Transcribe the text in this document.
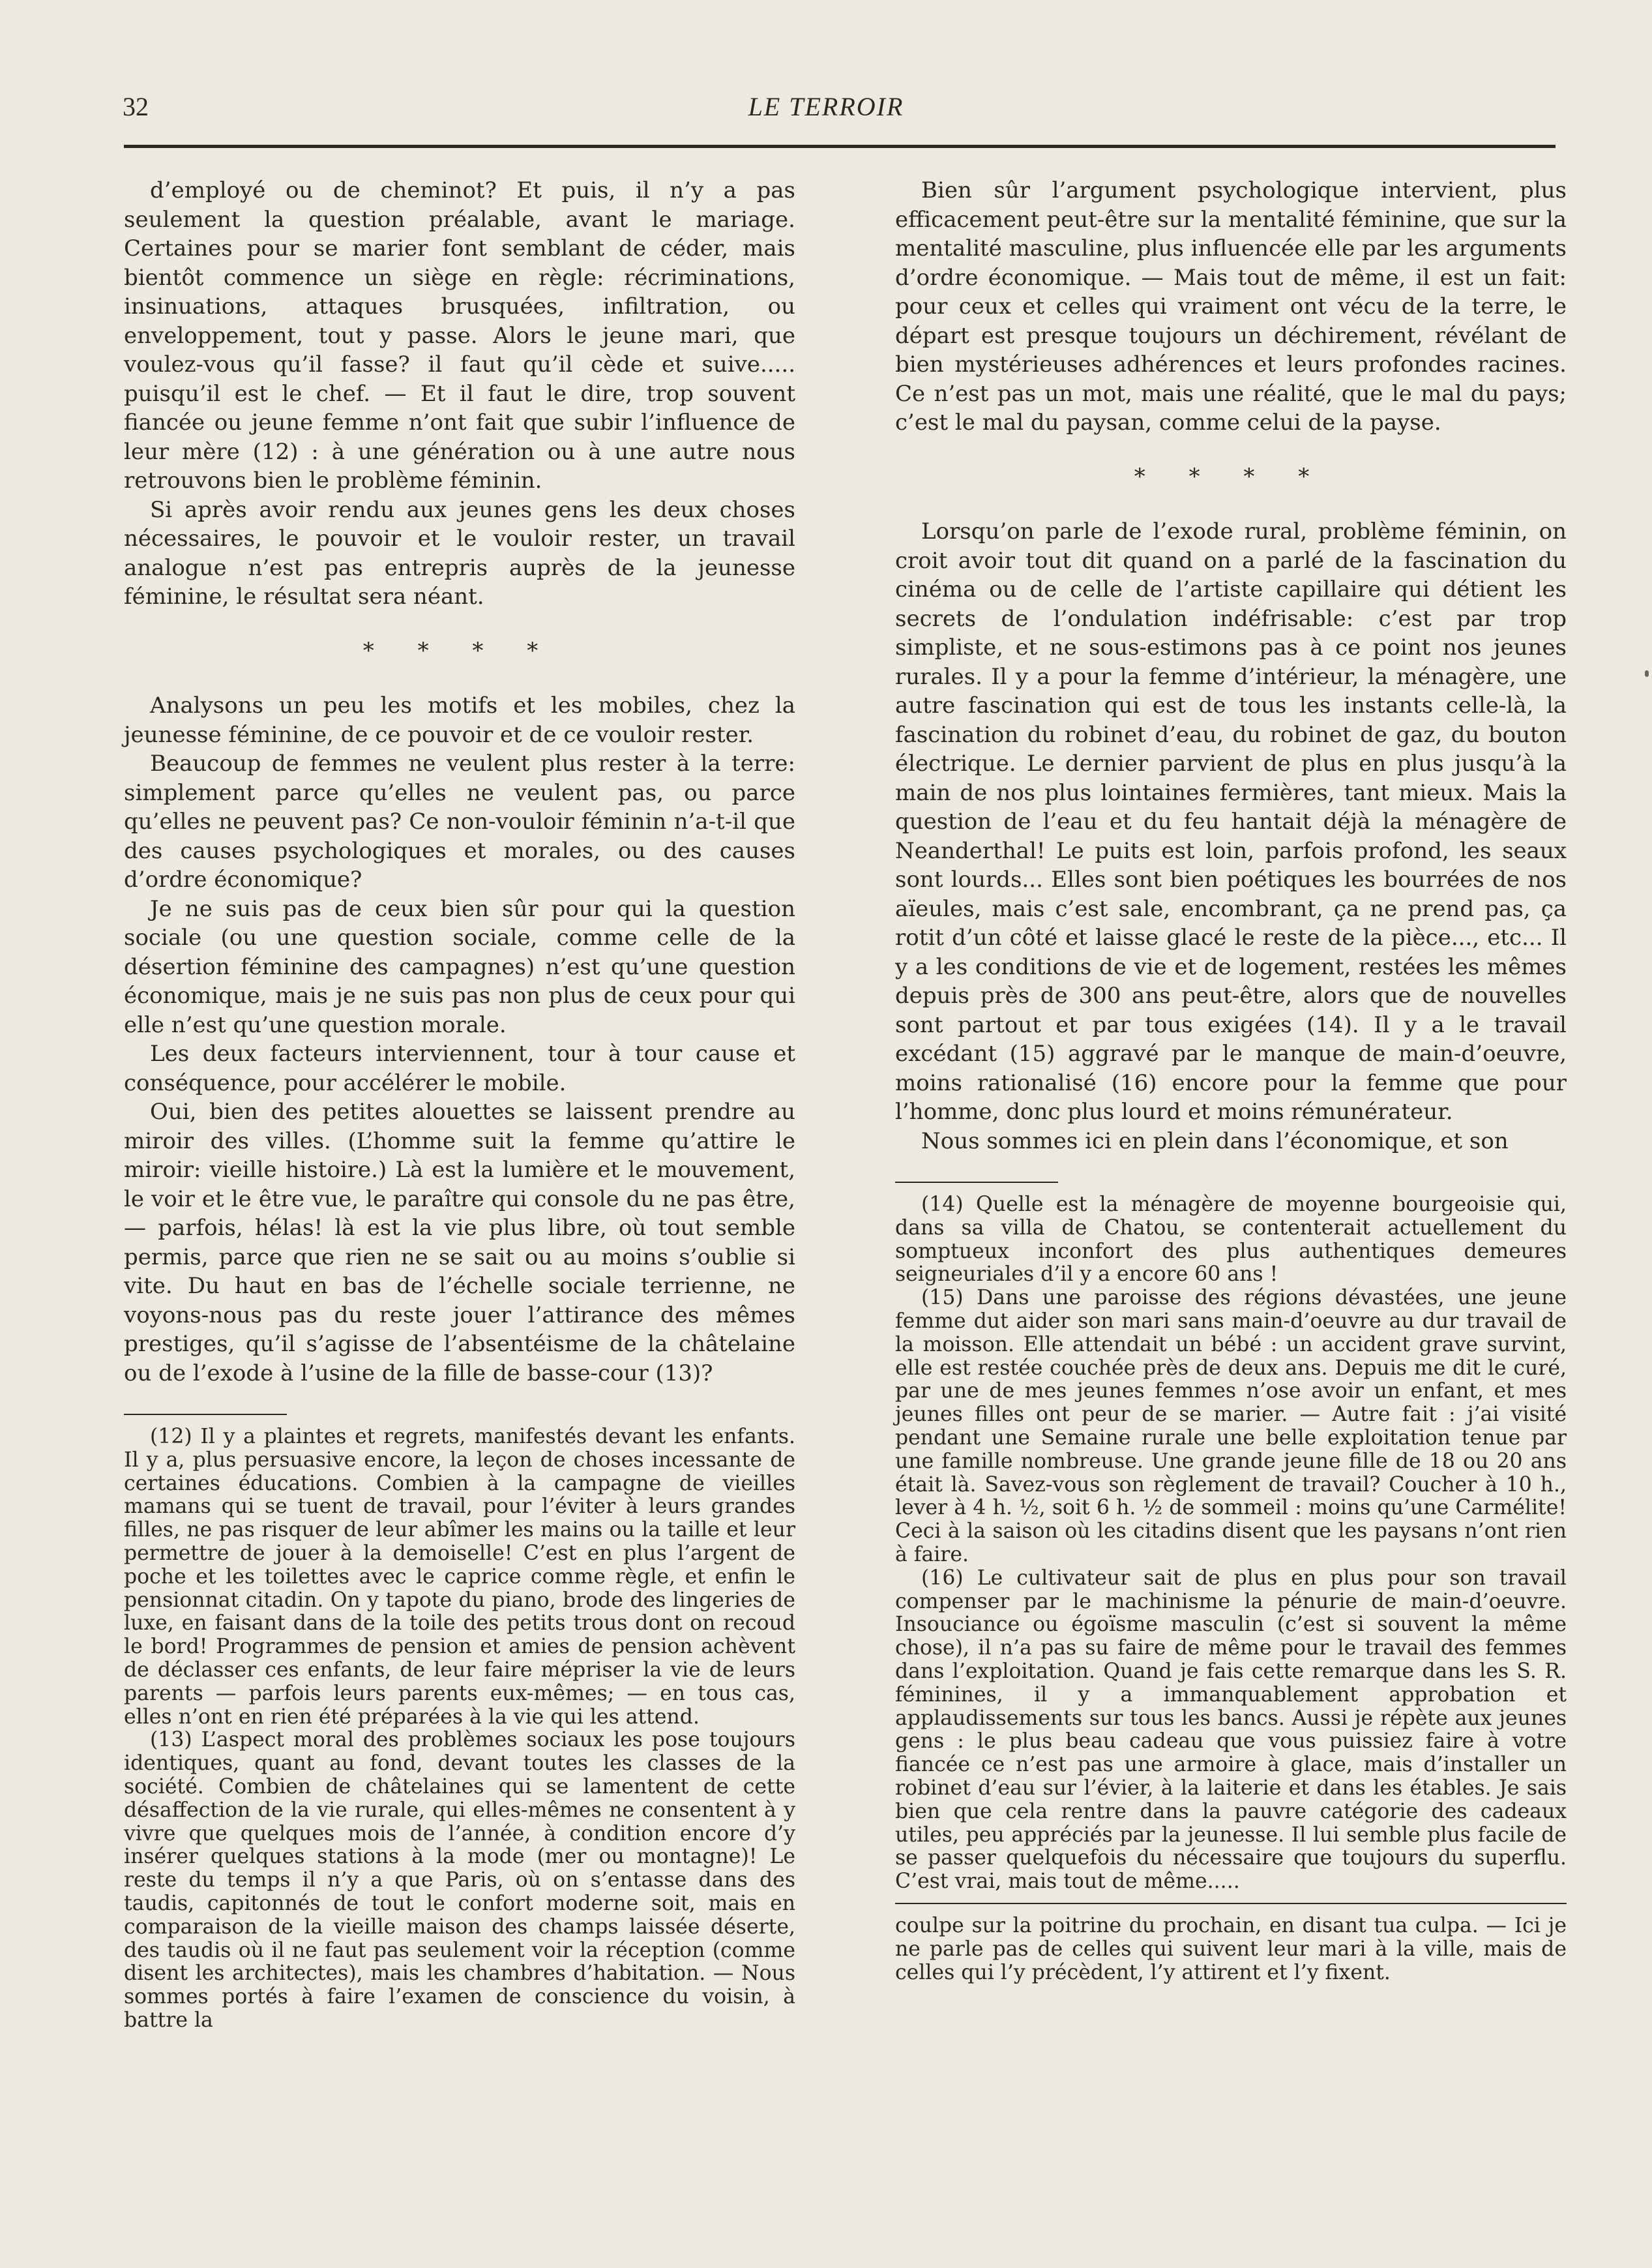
32	LE TERROIR

d’employé ou de cheminot? Et puis, il n’y a pas seulement la question préalable, avant le mariage. Certaines pour se marier font semblant de céder, mais bientôt commence un siège en règle: récriminations, insinuations, attaques brusquées, infiltration, ou enveloppement, tout y passe. Alors le jeune mari, que voulez-vous qu’il fasse? il faut qu’il cède et suive..... puisqu’il est le chef. — Et il faut le dire, trop souvent fiancée ou jeune femme n’ont fait que subir l’influence de leur mère (12) : à une génération ou à une autre nous retrouvons bien le problème féminin.

Si après avoir rendu aux jeunes gens les deux choses nécessaires, le pouvoir et le vouloir rester, un travail analogue n’est pas entrepris auprès de la jeunesse féminine, le résultat sera néant.

* * * *

Analysons un peu les motifs et les mobiles, chez la jeunesse féminine, de ce pouvoir et de ce vouloir rester.

Beaucoup de femmes ne veulent plus rester à la terre: simplement parce qu’elles ne veulent pas, ou parce qu’elles ne peuvent pas? Ce non-vouloir féminin n’a-t-il que des causes psychologiques et morales, ou des causes d’ordre économique?

Je ne suis pas de ceux bien sûr pour qui la question sociale (ou une question sociale, comme celle de la désertion féminine des campagnes) n’est qu’une question économique, mais je ne suis pas non plus de ceux pour qui elle n’est qu’une question morale.

Les deux facteurs interviennent, tour à tour cause et conséquence, pour accélérer le mobile.

Oui, bien des petites alouettes se laissent prendre au miroir des villes. (L’homme suit la femme qu’attire le miroir: vieille histoire.) Là est la lumière et le mouvement, le voir et le être vue, le paraître qui console du ne pas être, — parfois, hélas! là est la vie plus libre, où tout semble permis, parce que rien ne se sait ou au moins s’oublie si vite. Du haut en bas de l’échelle sociale terrienne, ne voyons-nous pas du reste jouer l’attirance des mêmes prestiges, qu’il s’agisse de l’absentéisme de la châtelaine ou de l’exode à l’usine de la fille de basse-cour (13)?

(12) Il y a plaintes et regrets, manifestés devant les enfants. Il y a, plus persuasive encore, la leçon de choses incessante de certaines éducations. Combien à la campagne de vieilles mamans qui se tuent de travail, pour l’éviter à leurs grandes filles, ne pas risquer de leur abîmer les mains ou la taille et leur permettre de jouer à la demoiselle! C’est en plus l’argent de poche et les toilettes avec le caprice comme règle, et enfin le pensionnat citadin. On y tapote du piano, brode des lingeries de luxe, en faisant dans de la toile des petits trous dont on recoud le bord! Programmes de pension et amies de pension achèvent de déclasser ces enfants, de leur faire mépriser la vie de leurs parents — parfois leurs parents eux-mêmes; — en tous cas, elles n’ont en rien été préparées à la vie qui les attend.

(13) L’aspect moral des problèmes sociaux les pose toujours identiques, quant au fond, devant toutes les classes de la société. Combien de châtelaines qui se lamentent de cette désaffection de la vie rurale, qui elles-mêmes ne consentent à y vivre que quelques mois de l’année, à condition encore d’y insérer quelques stations à la mode (mer ou montagne)! Le reste du temps il n’y a que Paris, où on s’entasse dans des taudis, capitonnés de tout le confort moderne soit, mais en comparaison de la vieille maison des champs laissée déserte, des taudis où il ne faut pas seulement voir la réception (comme disent les architectes), mais les chambres d’habitation. — Nous sommes portés à faire l’examen de conscience du voisin, à battre la

Bien sûr l’argument psychologique intervient, plus efficacement peut-être sur la mentalité féminine, que sur la mentalité masculine, plus influencée elle par les arguments d’ordre économique. — Mais tout de même, il est un fait: pour ceux et celles qui vraiment ont vécu de la terre, le départ est presque toujours un déchirement, révélant de bien mystérieuses adhérences et leurs profondes racines. Ce n’est pas un mot, mais une réalité, que le mal du pays; c’est le mal du paysan, comme celui de la payse.

* * * *

Lorsqu’on parle de l’exode rural, problème féminin, on croit avoir tout dit quand on a parlé de la fascination du cinéma ou de celle de l’artiste capillaire qui détient les secrets de l’ondulation indéfrisable: c’est par trop simpliste, et ne sous-estimons pas à ce point nos jeunes rurales. Il y a pour la femme d’intérieur, la ménagère, une autre fascination qui est de tous les instants celle-là, la fascination du robinet d’eau, du robinet de gaz, du bouton électrique. Le dernier parvient de plus en plus jusqu’à la main de nos plus lointaines fermières, tant mieux. Mais la question de l’eau et du feu hantait déjà la ménagère de Neanderthal! Le puits est loin, parfois profond, les seaux sont lourds... Elles sont bien poétiques les bourrées de nos aïeules, mais c’est sale, encombrant, ça ne prend pas, ça rotit d’un côté et laisse glacé le reste de la pièce..., etc... Il y a les conditions de vie et de logement, restées les mêmes depuis près de 300 ans peut-être, alors que de nouvelles sont partout et par tous exigées (14). Il y a le travail excédant (15) aggravé par le manque de main-d’oeuvre, moins rationalisé (16) encore pour la femme que pour l’homme, donc plus lourd et moins rémunérateur.

Nous sommes ici en plein dans l’économique, et son

(14) Quelle est la ménagère de moyenne bourgeoisie qui, dans sa villa de Chatou, se contenterait actuellement du somptueux inconfort des plus authentiques demeures seigneuriales d’il y a encore 60 ans !

(15) Dans une paroisse des régions dévastées, une jeune femme dut aider son mari sans main-d’oeuvre au dur travail de la moisson. Elle attendait un bébé : un accident grave survint, elle est restée couchée près de deux ans. Depuis me dit le curé, par une de mes jeunes femmes n’ose avoir un enfant, et mes jeunes filles ont peur de se marier. — Autre fait : j’ai visité pendant une Semaine rurale une belle exploitation tenue par une famille nombreuse. Une grande jeune fille de 18 ou 20 ans était là. Savez-vous son règlement de travail? Coucher à 10 h., lever à 4 h. ½, soit 6 h. ½ de sommeil : moins qu’une Carmélite! Ceci à la saison où les citadins disent que les paysans n’ont rien à faire.

(16) Le cultivateur sait de plus en plus pour son travail compenser par le machinisme la pénurie de main-d’oeuvre. Insouciance ou égoïsme masculin (c’est si souvent la même chose), il n’a pas su faire de même pour le travail des femmes dans l’exploitation. Quand je fais cette remarque dans les S. R. féminines, il y a immanquablement approbation et applaudissements sur tous les bancs. Aussi je répète aux jeunes gens : le plus beau cadeau que vous puissiez faire à votre fiancée ce n’est pas une armoire à glace, mais d’installer un robinet d’eau sur l’évier, à la laiterie et dans les étables. Je sais bien que cela rentre dans la pauvre catégorie des cadeaux utiles, peu appréciés par la jeunesse. Il lui semble plus facile de se passer quelquefois du nécessaire que toujours du superflu. C’est vrai, mais tout de même.....

coulpe sur la poitrine du prochain, en disant tua culpa. — Ici je ne parle pas de celles qui suivent leur mari à la ville, mais de celles qui l’y précèdent, l’y attirent et l’y fixent.
